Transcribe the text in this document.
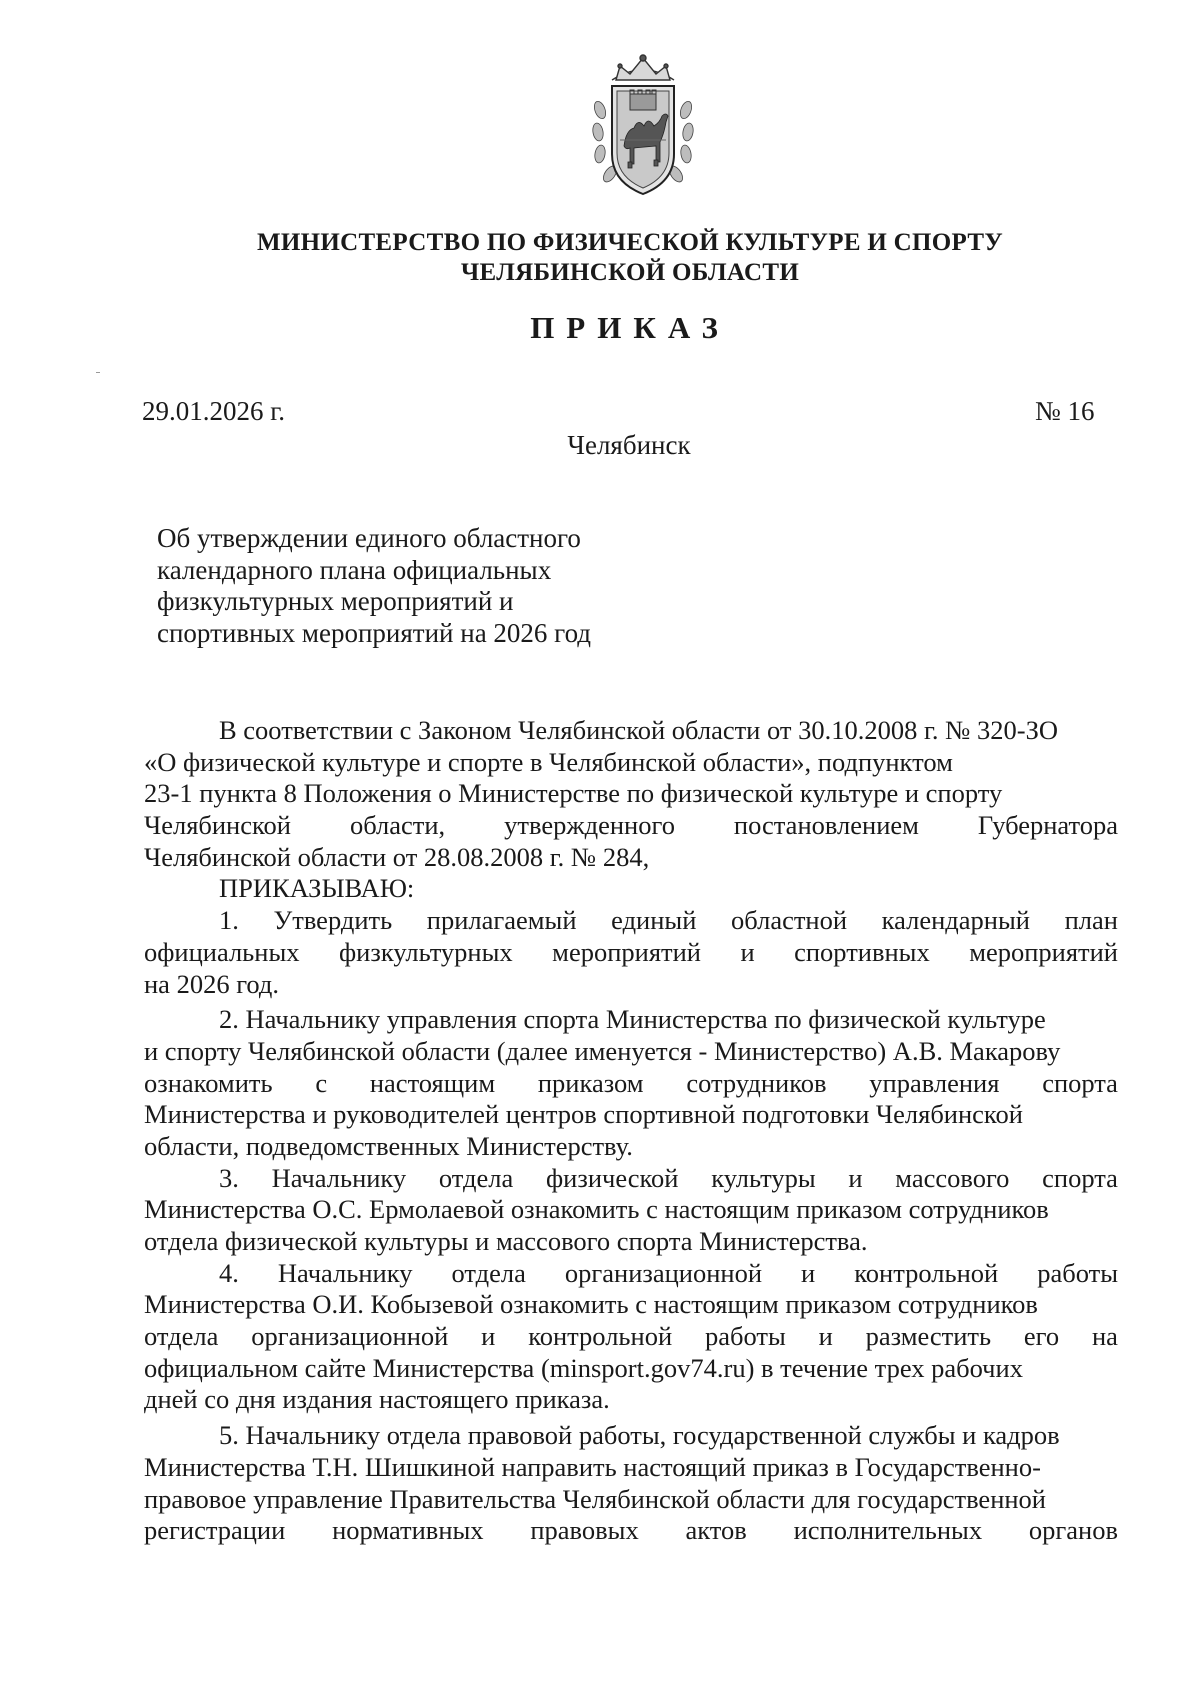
МИНИСТЕРСТВО ПО ФИЗИЧЕСКОЙ КУЛЬТУРЕ И СПОРТУ
ЧЕЛЯБИНСКОЙ ОБЛАСТИ
ПРИКАЗ
29.01.2026 г.	№ 16
Челябинск
Об утверждении единого областного
календарного плана официальных
физкультурных мероприятий и
спортивных мероприятий на 2026 год
В соответствии с Законом Челябинской области от 30.10.2008 г. № 320-ЗО
«О физической культуре и спорте в Челябинской области», подпунктом
23-1 пункта 8 Положения о Министерстве по физической культуре и спорту
Челябинской области, утвержденного постановлением Губернатора
Челябинской области от 28.08.2008 г. № 284,
ПРИКАЗЫВАЮ:
1. Утвердить прилагаемый единый областной календарный план
официальных физкультурных мероприятий и спортивных мероприятий
на 2026 год.
2. Начальнику управления спорта Министерства по физической культуре
и спорту Челябинской области (далее именуется - Министерство) А.В. Макарову
ознакомить с настоящим приказом сотрудников управления спорта
Министерства и руководителей центров спортивной подготовки Челябинской
области, подведомственных Министерству.
3. Начальнику отдела физической культуры и массового спорта
Министерства О.С. Ермолаевой ознакомить с настоящим приказом сотрудников
отдела физической культуры и массового спорта Министерства.
4. Начальнику отдела организационной и контрольной работы
Министерства О.И. Кобызевой ознакомить с настоящим приказом сотрудников
отдела организационной и контрольной работы и разместить его на
официальном сайте Министерства (minsport.gov74.ru) в течение трех рабочих
дней со дня издания настоящего приказа.
5. Начальнику отдела правовой работы, государственной службы и кадров
Министерства Т.Н. Шишкиной направить настоящий приказ в Государственно-
правовое управление Правительства Челябинской области для государственной
регистрации нормативных правовых актов исполнительных органов
